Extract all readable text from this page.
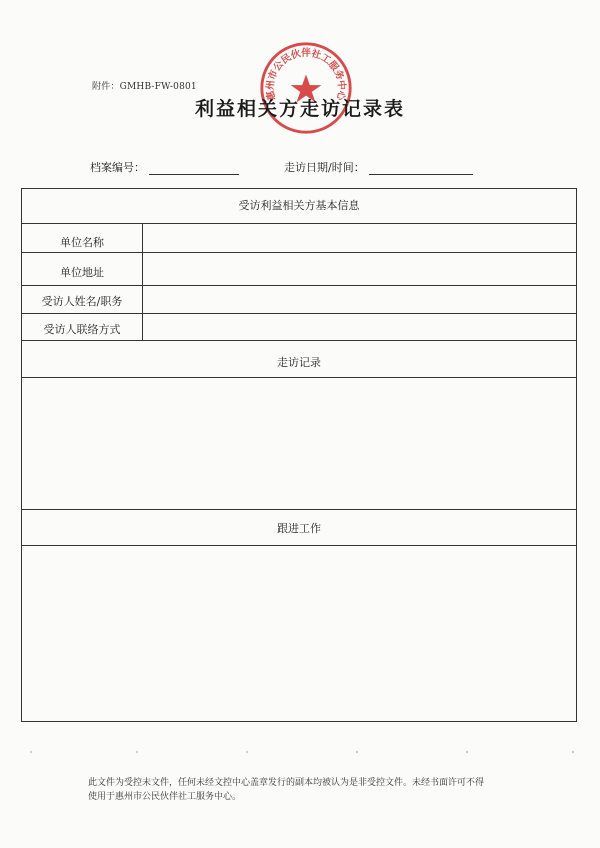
附件：GMHB-FW-0801
惠州市公民伙伴社工服务中心
利益相关方走访记录表
档案编号：	走访日期/时间：
受访利益相关方基本信息
单位名称
单位地址
受访人姓名/职务
受访人联络方式
走访记录
跟进工作

此文件为受控未文件，任何未经文控中心盖章发行的副本均被认为是非受控文件。未经书面许可不得

使用于惠州市公民伙伴社工服务中心。
